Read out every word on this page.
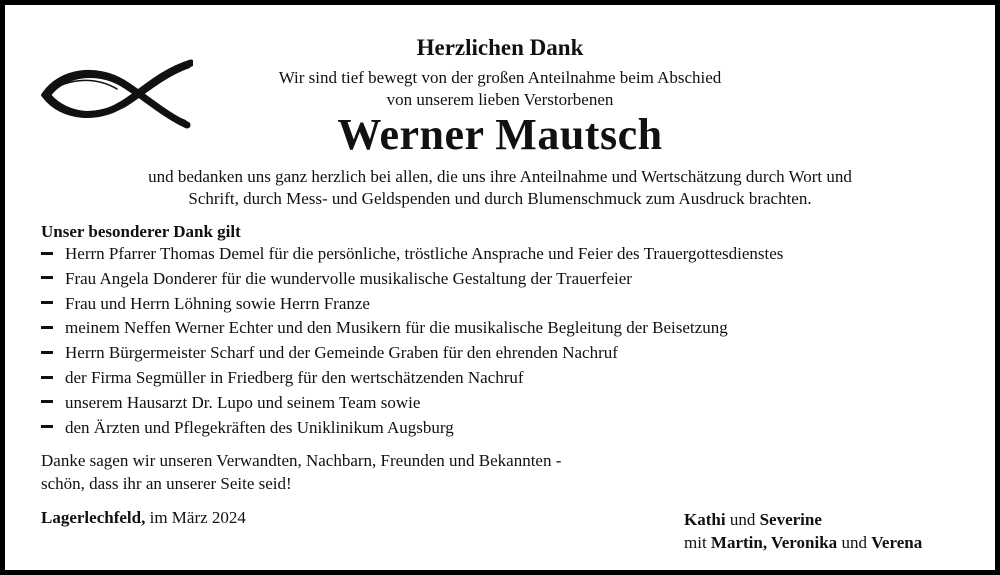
Herzlichen Dank
Wir sind tief bewegt von der großen Anteilnahme beim Abschied
von unserem lieben Verstorbenen
Werner Mautsch
und bedanken uns ganz herzlich bei allen, die uns ihre Anteilnahme und Wertschätzung durch Wort und
Schrift, durch Mess- und Geldspenden und durch Blumenschmuck zum Ausdruck brachten.
Unser besonderer Dank gilt
Herrn Pfarrer Thomas Demel für die persönliche, tröstliche Ansprache und Feier des Trauergottesdienstes
Frau Angela Donderer für die wundervolle musikalische Gestaltung der Trauerfeier
Frau und Herrn Löhning sowie Herrn Franze
meinem Neffen Werner Echter und den Musikern für die musikalische Begleitung der Beisetzung
Herrn Bürgermeister Scharf und der Gemeinde Graben für den ehrenden Nachruf
der Firma Segmüller in Friedberg für den wertschätzenden Nachruf
unserem Hausarzt Dr. Lupo und seinem Team sowie
den Ärzten und Pflegekräften des Uniklinikum Augsburg
Danke sagen wir unseren Verwandten, Nachbarn, Freunden und Bekannten -
schön, dass ihr an unserer Seite seid!
Lagerlechfeld, im März 2024	Kathi und Severine
mit Martin, Veronika und Verena
